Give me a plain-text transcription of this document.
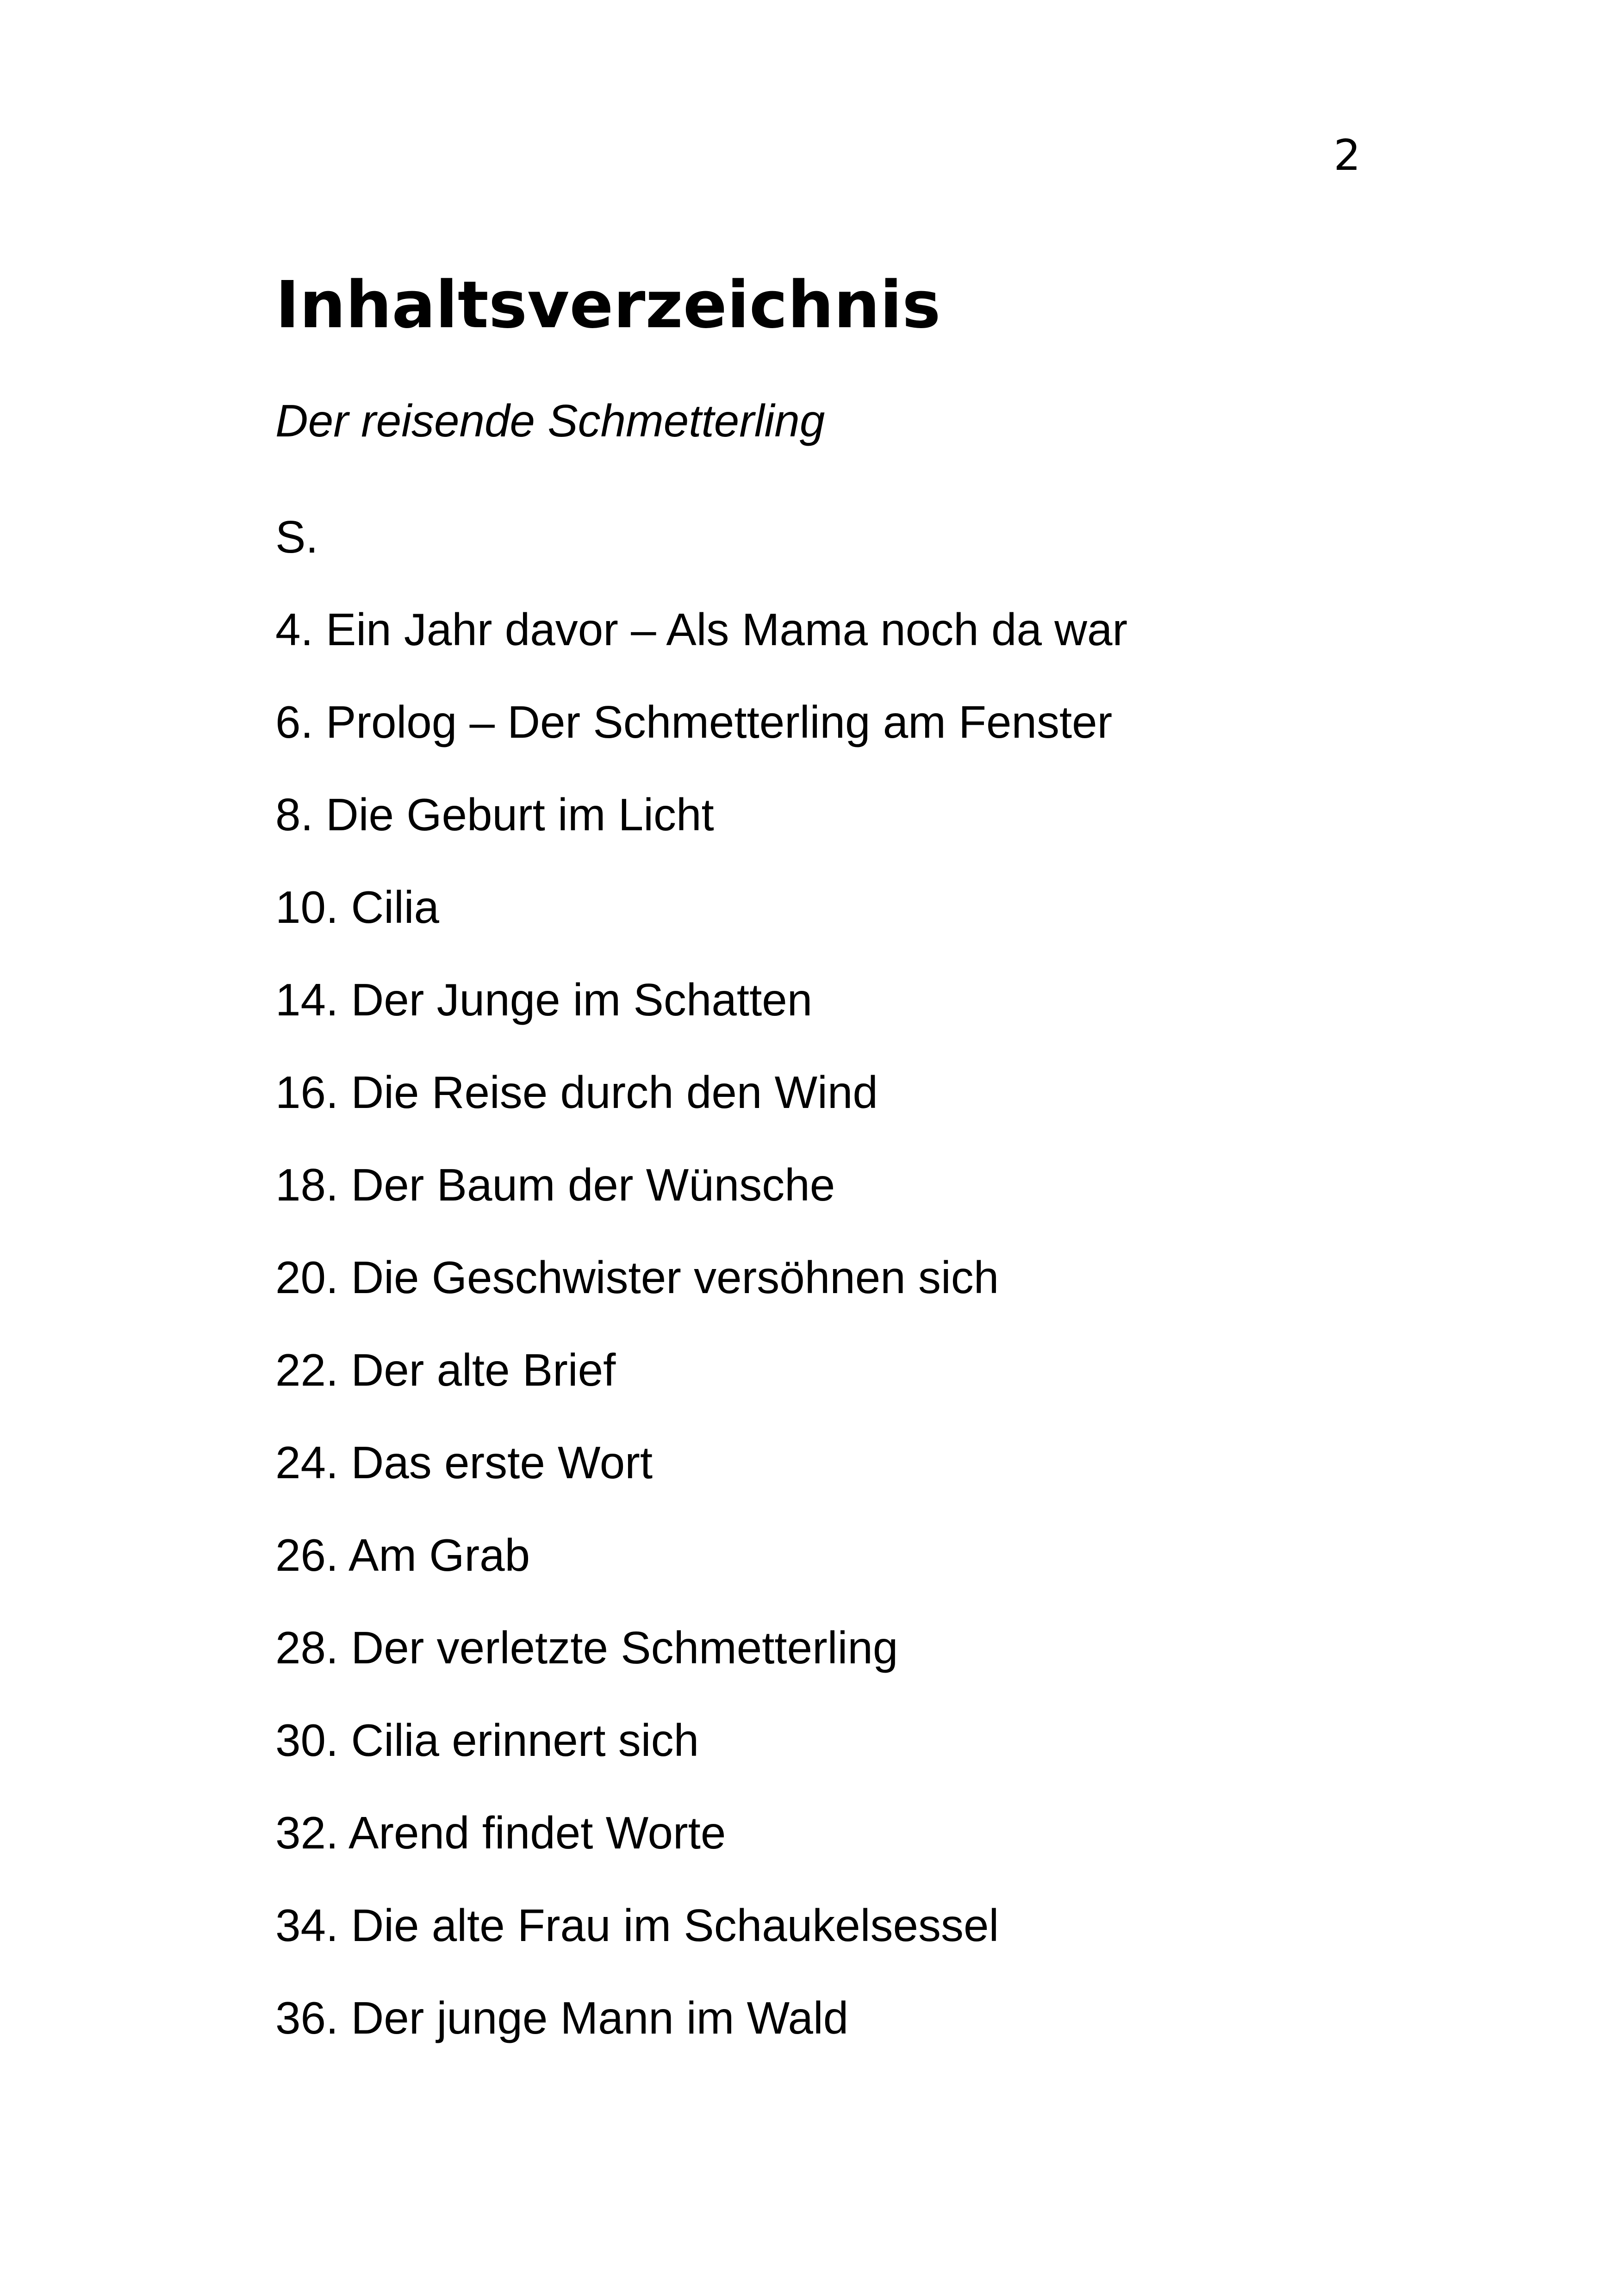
2
Inhaltsverzeichnis
Der reisende Schmetterling
S.
4. Ein Jahr davor – Als Mama noch da war
6. Prolog – Der Schmetterling am Fenster
8. Die Geburt im Licht
10. Cilia
14. Der Junge im Schatten
16. Die Reise durch den Wind
18. Der Baum der Wünsche
20. Die Geschwister versöhnen sich
22. Der alte Brief
24. Das erste Wort
26. Am Grab
28. Der verletzte Schmetterling
30. Cilia erinnert sich
32. Arend findet Worte
34. Die alte Frau im Schaukelsessel
36. Der junge Mann im Wald
